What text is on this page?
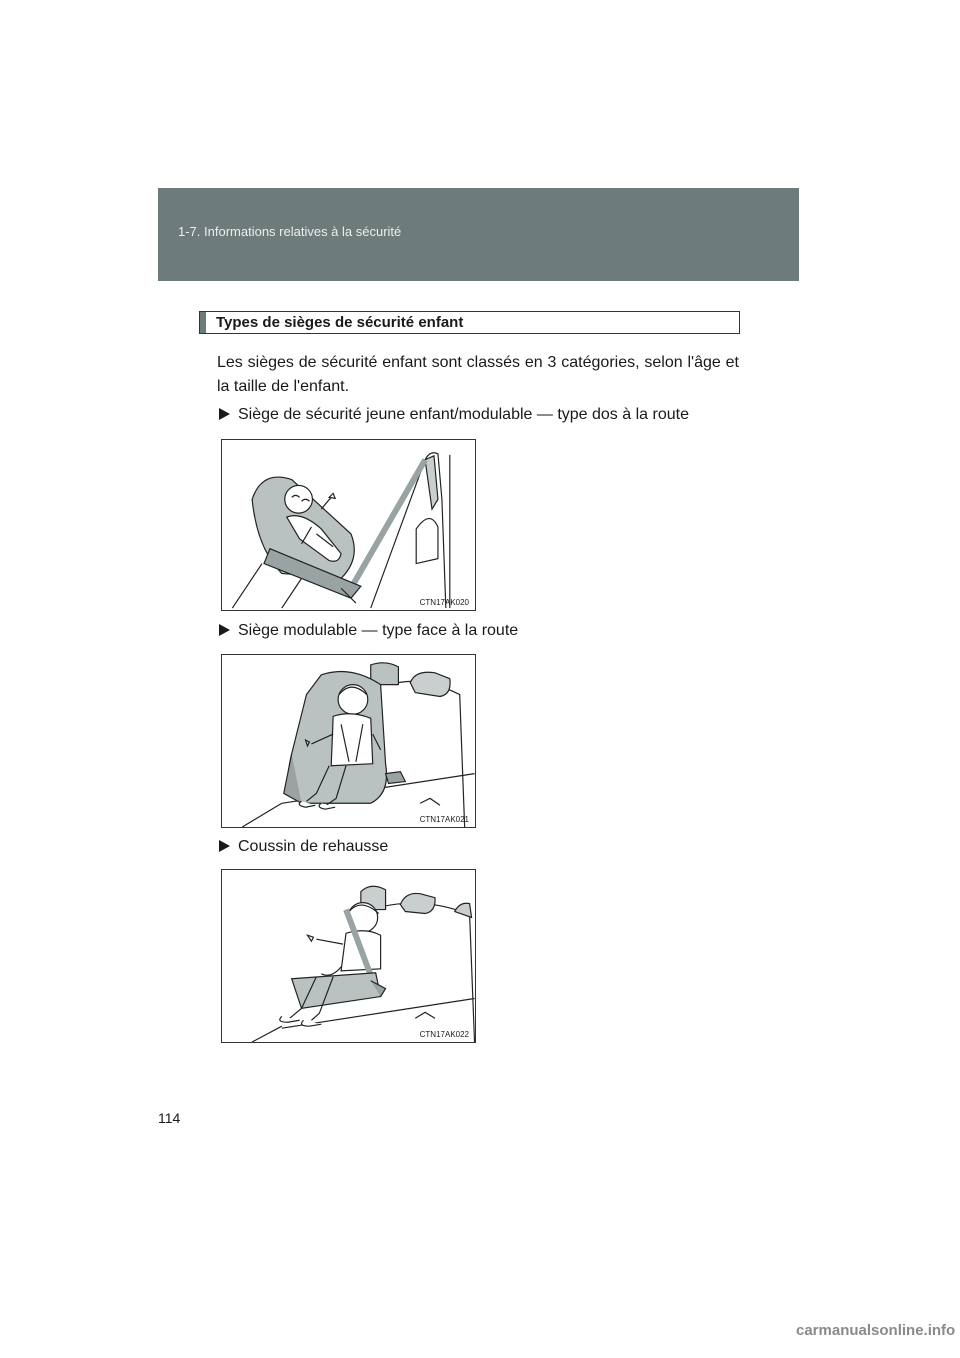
1-7. Informations relatives à la sécurité
Types de sièges de sécurité enfant
Les sièges de sécurité enfant sont classés en 3 catégories, selon l'âge et la taille de l'enfant.
Siège de sécurité jeune enfant/modulable — type dos à la route
CTN17AK020
Siège modulable — type face à la route
CTN17AK021
Coussin de rehausse
CTN17AK022
114
carmanualsonline.info
